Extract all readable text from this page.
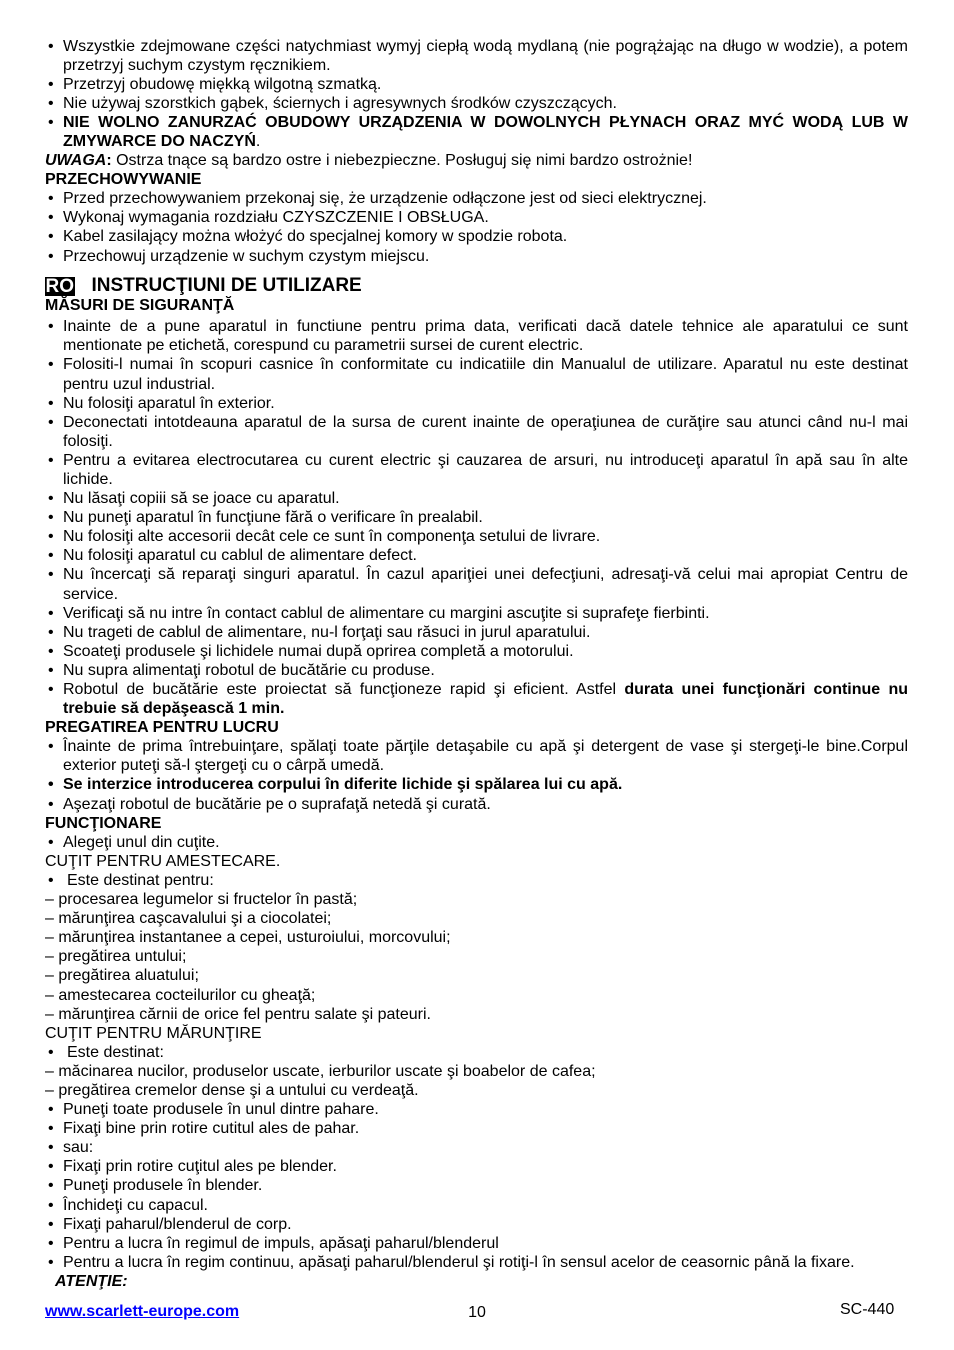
• Wszystkie zdejmowane części natychmiast wymyj ciepłą wodą mydlaną (nie pogrążając na długo w wodzie), a potem przetrzyj suchym czystym ręcznikiem.
• Przetrzyj obudowę miękką wilgotną szmatką.
• Nie używaj szorstkich gąbek, ściernych i agresywnych środków czyszczących.
• NIE WOLNO ZANURZAĆ OBUDOWY URZĄDZENIA W DOWOLNYCH PŁYNACH ORAZ MYĆ WODĄ LUB W ZMYWARCE DO NACZYŃ.
UWAGA: Ostrza tnące są bardzo ostre i niebezpieczne. Posługuj się nimi bardzo ostrożnie!
PRZECHOWYWANIE
• Przed przechowywaniem przekonaj się, że urządzenie odłączone jest od sieci elektrycznej.
• Wykonaj wymagania rozdziału CZYSZCZENIE I OBSŁUGA.
• Kabel zasilający można włożyć do specjalnej komory w spodzie robota.
• Przechowuj urządzenie w suchym czystym miejscu.
RO INSTRUCŢIUNI DE UTILIZARE
MĂSURI DE SIGURANŢĂ
• Inainte de a pune aparatul in functiune pentru prima data, verificati dacă datele tehnice ale aparatului ce sunt mentionate pe etichetă, corespund cu parametrii sursei de curent electric.
• Folositi-l numai în scopuri casnice în conformitate cu indicatiile din Manualul de utilizare. Aparatul nu este destinat pentru uzul industrial.
• Nu folosiţi aparatul în exterior.
• Deconectati intotdeauna aparatul de la sursa de curent inainte de operaţiunea de curăţire sau atunci când nu-l mai folosiţi.
• Pentru a evitarea electrocutarea cu curent electric şi cauzarea de arsuri, nu introduceţi aparatul în apă sau în alte lichide.
• Nu lăsaţi copiii să se joace cu aparatul.
• Nu puneţi aparatul în funcţiune fără o verificare în prealabil.
• Nu folosiţi alte accesorii decât cele ce sunt în componenţa setului de livrare.
• Nu folosiţi aparatul cu cablul de alimentare defect.
• Nu încercaţi să reparaţi singuri aparatul. În cazul apariţiei unei defecţiuni, adresaţi-vă celui mai apropiat Centru de service.
• Verificaţi să nu intre în contact cablul de alimentare cu margini ascuţite si suprafeţe fierbinti.
• Nu trageti de cablul de alimentare, nu-l forţaţi sau răsuci in jurul aparatului.
• Scoateţi produsele şi lichidele numai după oprirea completă a motorului.
• Nu supra alimentaţi robotul de bucătărie cu produse.
• Robotul de bucătărie este proiectat să funcţioneze rapid şi eficient. Astfel durata unei funcţionări continue nu trebuie să depăşească 1 min.
PREGATIREA PENTRU LUCRU
• Înainte de prima întrebuinţare, spălaţi toate părţile detaşabile cu apă şi detergent de vase şi stergeţi-le bine.Corpul exterior puteţi să-l ştergeţi cu o cârpă umedă.
• Se interzice introducerea corpului în diferite lichide şi spălarea lui cu apă.
• Aşezaţi robotul de bucătărie pe o suprafaţă netedă şi curată.
FUNCŢIONARE
• Alegeţi unul din cuţite.
CUŢIT PENTRU AMESTECARE.
• Este destinat pentru:
– procesarea legumelor si fructelor în pastă;
– mărunţirea caşcavalului şi a ciocolatei;
– mărunţirea instantanee a cepei, usturoiului, morcovului;
– pregătirea untului;
– pregătirea aluatului;
– amestecarea cocteilurilor cu gheaţă;
– mărunţirea cărnii de orice fel pentru salate şi pateuri.
CUŢIT PENTRU MĂRUNŢIRE
• Este destinat:
– măcinarea nucilor, produselor uscate, ierburilor uscate şi boabelor de cafea;
– pregătirea cremelor dense şi a untului cu verdeaţă.
• Puneţi toate produsele în unul dintre pahare.
• Fixaţi bine prin rotire cutitul ales de pahar.
• sau:
• Fixaţi prin rotire cuţitul ales pe blender.
• Puneţi produsele în blender.
• Închideţi cu capacul.
• Fixaţi paharul/blenderul de corp.
• Pentru a lucra în regimul de impuls, apăsaţi paharul/blenderul
• Pentru a lucra în regim continuu, apăsaţi paharul/blenderul şi rotiţi-l în sensul acelor de ceasornic până la fixare.
ATENŢIE:
www.scarlett-europe.com	10	SC-440
